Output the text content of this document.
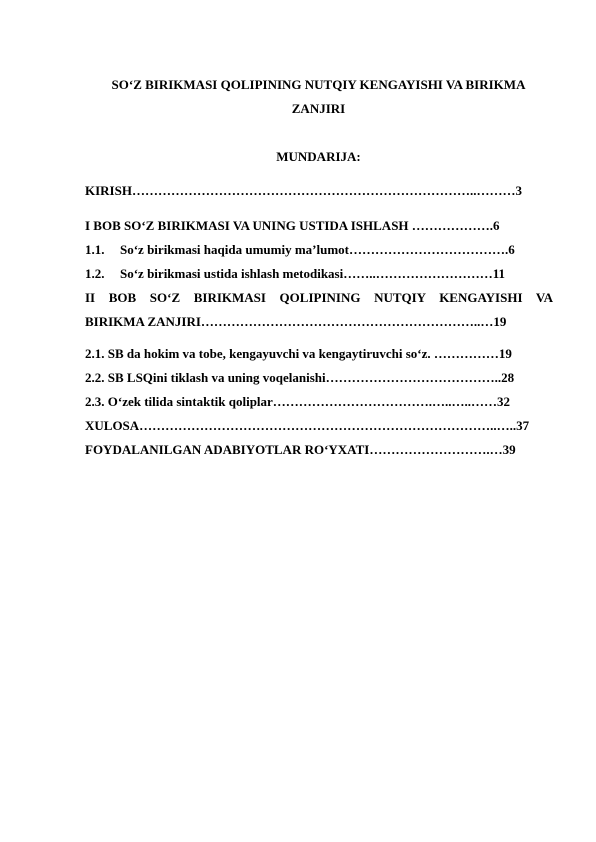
SO‘Z BIRIKMASI QOLIPINING NUTQIY KENGAYISHI VA BIRIKMA
ZANJIRI
MUNDARIJA:
KIRISH……………………………………………………………………..………3
I BOB SO‘Z BIRIKMASI VA UNING USTIDA ISHLASH ……………….6
1.1. So‘z birikmasi haqida umumiy ma’lumot……………………………….6
1.2. So‘z birikmasi ustida ishlash metodikasi……..………………………11
II BOB SO‘Z BIRIKMASI QOLIPINING NUTQIY KENGAYISHI VA
BIRIKMA ZANJIRI………………………………………………………..…19
2.1. SB da hokim va tobe, kengayuvchi va kengaytiruvchi so‘z. ……………19
2.2. SB LSQini tiklash va uning voqelanishi…………………………………..28
2.3. O‘zek tilida sintaktik qoliplar……………………………….…..…..……32
XULOSA………………………………………………………………………..…..37
FOYDALANILGAN ADABIYOTLAR RO‘YXATI……………………….…39
